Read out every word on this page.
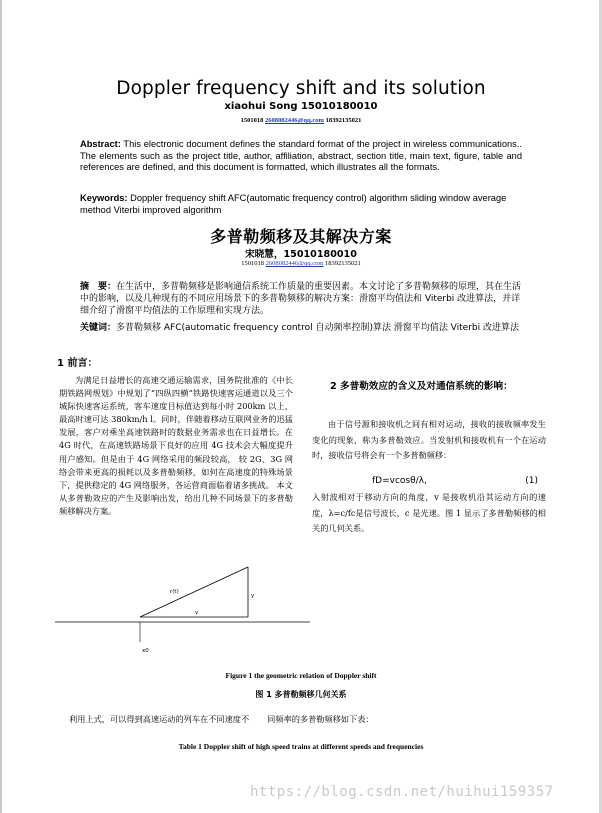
Doppler frequency shift and its solution
xiaohui Song 15010180010
1501018 2608082446@qq.com 18392135021
Abstract: This electronic document defines the standard format of the project in wireless communications.. The elements such as the project title, author, affiliation, abstract, section title, main text, figure, table and references are defined, and this document is formatted, which illustrates all the formats.
Keywords: Doppler frequency shift AFC(automatic frequency control) algorithm sliding window average method Viterbi improved algorithm
多普勒频移及其解决方案
宋晓慧，15010180010
1501018 2608082446@qq.com 18392135021
摘　要：在生活中，多普勒频移是影响通信系统工作质量的重要因素。本文讨论了多普勒频移的原理，其在生活中的影响，以及几种现有的不同应用场景下的多普勒频移的解决方案：滑窗平均值法和 Viterbi 改进算法，并详细介绍了滑窗平均值法的工作原理和实现方法。
关键词：多普勒频移 AFC(automatic frequency control 自动频率控制)算法 滑窗平均值法 Viterbi 改进算法
1 前言：

为满足日益增长的高速交通运输需求，国务院批准的《中长期铁路网规划》中规划了“四纵四横”铁路快速客运通道以及三个城际快速客运系统，客车速度目标值达到每小时 200km 以上，最高时速可达 380km/h l。同时，伴随着移动互联网业务的迅猛发展，客户对乘坐高速铁路时的数据业务需求也在日益增长。在 4G 时代，在高速铁路场景下良好的应用 4G 技术会大幅度提升用户感知。但是由于 4G 网络采用的频段较高， 较 2G、3G 网络会带来更高的损耗以及多普勒频移，如何在高速度的特殊场景下，提供稳定的 4G 网络服务，各运营商面临着诸多挑战。 本文从多普勒效应的产生及影响出发，给出几种不同场景下的多普勒频移解决方案。

2 多普勒效应的含义及对通信系统的影响：

由于信号源和接收机之间有相对运动，接收的接收频率发生变化的现象，称为多普勒效应。当发射机和接收机有一个在运动时，接收信号将会有一个多普勒频移：

fD=vcosθ/λ,	(1)
入射波相对于移动方向的角度，v 是接收机沿其运动方向的速度，λ=c/fc是信号波长，c 是光速。图 1 显示了多普勒频移的相关的几何关系。
r(t)
v
y
x0
Figure 1 the geometric relation of Doppler shift
图 1 多普勒频移几何关系
利用上式，可以得到高速运动的列车在不同速度不 同频率的多普勒频移如下表：
Table 1 Doppler shift of high speed trains at different speeds and frequencies
https://blog.csdn.net/huihui159357
